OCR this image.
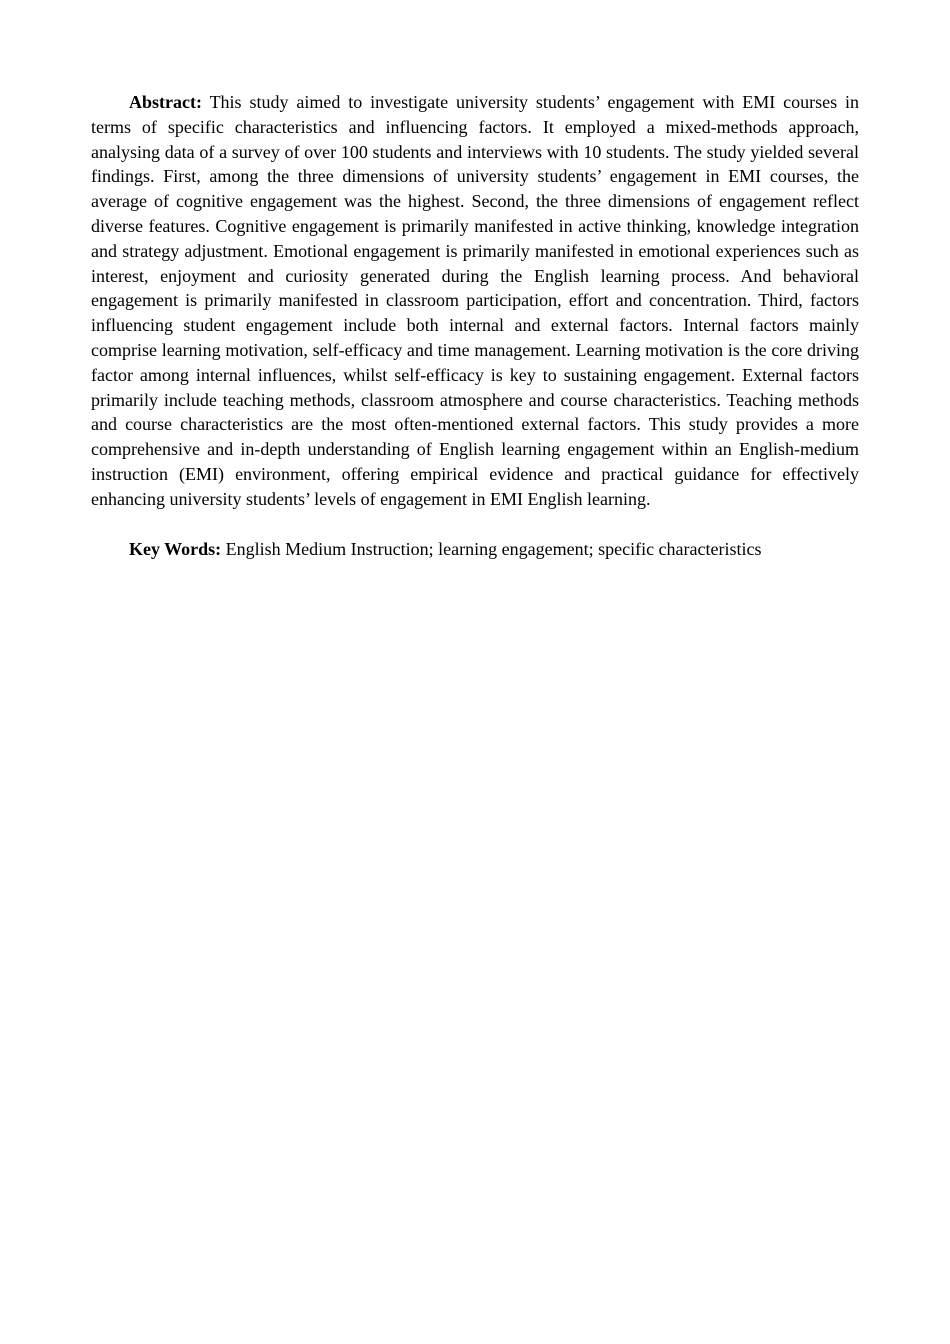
Abstract: This study aimed to investigate university students’ engagement with EMI courses in terms of specific characteristics and influencing factors. It employed a mixed-methods approach, analysing data of a survey of over 100 students and interviews with 10 students. The study yielded several findings. First, among the three dimensions of university students’ engagement in EMI courses, the average of cognitive engagement was the highest. Second, the three dimensions of engagement reflect diverse features. Cognitive engagement is primarily manifested in active thinking, knowledge integration and strategy adjustment. Emotional engagement is primarily manifested in emotional experiences such as interest, enjoyment and curiosity generated during the English learning process. And behavioral engagement is primarily manifested in classroom participation, effort and concentration. Third, factors influencing student engagement include both internal and external factors. Internal factors mainly comprise learning motivation, self-efficacy and time management. Learning motivation is the core driving factor among internal influences, whilst self-efficacy is key to sustaining engagement. External factors primarily include teaching methods, classroom atmosphere and course characteristics. Teaching methods and course characteristics are the most often-mentioned external factors. This study provides a more comprehensive and in-depth understanding of English learning engagement within an English-medium instruction (EMI) environment, offering empirical evidence and practical guidance for effectively enhancing university students’ levels of engagement in EMI English learning.

Key Words: English Medium Instruction; learning engagement; specific characteristics
